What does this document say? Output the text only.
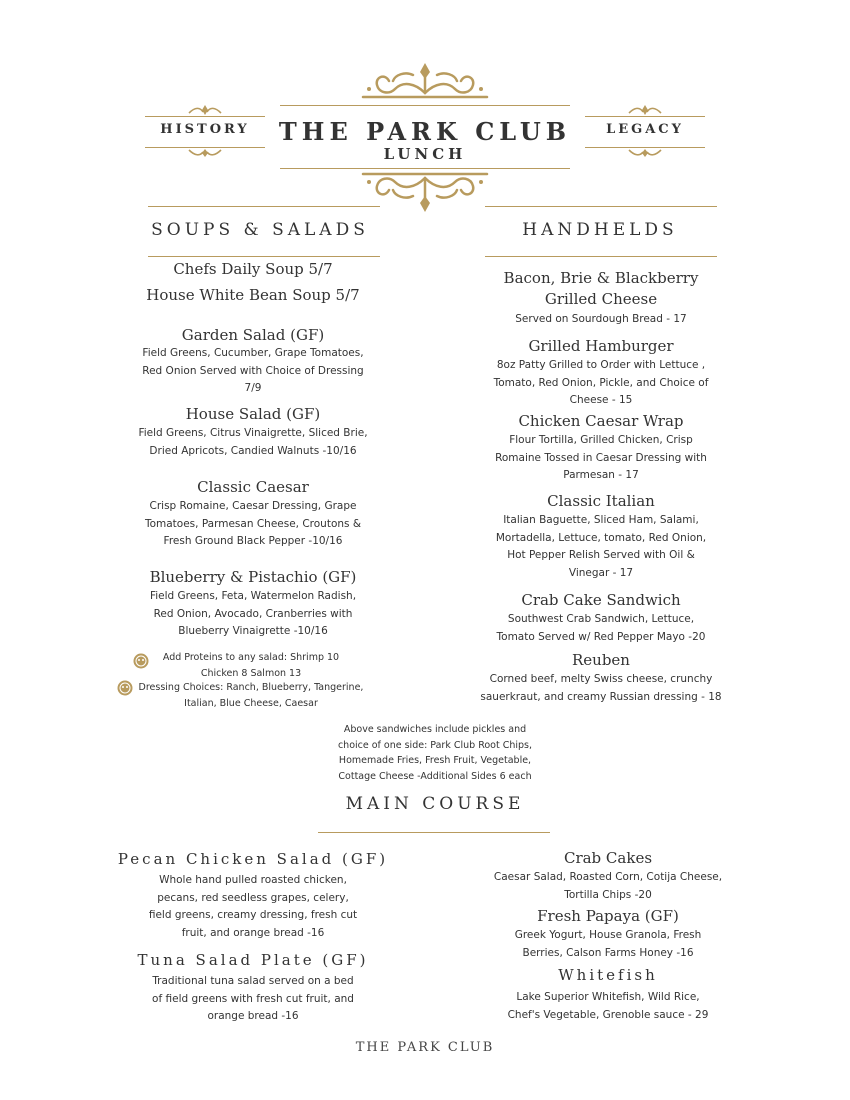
HISTORY	LEGACY
THE PARK CLUB
LUNCH
SOUPS & SALADS
Chefs Daily Soup 5/7
House White Bean Soup 5/7
Garden Salad (GF)
Field Greens, Cucumber, Grape Tomatoes,
Red Onion Served with Choice of Dressing
7/9
House Salad (GF)
Field Greens, Citrus Vinaigrette, Sliced Brie,
Dried Apricots, Candied Walnuts -10/16
Classic Caesar
Crisp Romaine, Caesar Dressing, Grape
Tomatoes, Parmesan Cheese, Croutons &
Fresh Ground Black Pepper -10/16
Blueberry & Pistachio (GF)
Field Greens, Feta, Watermelon Radish,
Red Onion, Avocado, Cranberries with
Blueberry Vinaigrette -10/16
Add Proteins to any salad: Shrimp 10
Chicken 8 Salmon 13
Dressing Choices: Ranch, Blueberry, Tangerine,
Italian, Blue Cheese, Caesar
HANDHELDS
Bacon, Brie & Blackberry
Grilled Cheese
Served on Sourdough Bread - 17
Grilled Hamburger
8oz Patty Grilled to Order with Lettuce ,
Tomato, Red Onion, Pickle, and Choice of
Cheese - 15
Chicken Caesar Wrap
Flour Tortilla, Grilled Chicken, Crisp
Romaine Tossed in Caesar Dressing with
Parmesan - 17
Classic Italian
Italian Baguette, Sliced Ham, Salami,
Mortadella, Lettuce, tomato, Red Onion,
Hot Pepper Relish Served with Oil &
Vinegar - 17
Crab Cake Sandwich
Southwest Crab Sandwich, Lettuce,
Tomato Served w/ Red Pepper Mayo -20
Reuben
Corned beef, melty Swiss cheese, crunchy
sauerkraut, and creamy Russian dressing - 18
Above sandwiches include pickles and
choice of one side: Park Club Root Chips,
Homemade Fries, Fresh Fruit, Vegetable,
Cottage Cheese -Additional Sides 6 each
MAIN COURSE
Pecan Chicken Salad (GF)
Whole hand pulled roasted chicken,
pecans, red seedless grapes, celery,
field greens, creamy dressing, fresh cut
fruit, and orange bread -16
Tuna Salad Plate (GF)
Traditional tuna salad served on a bed
of field greens with fresh cut fruit, and
orange bread -16
Crab Cakes
Caesar Salad, Roasted Corn, Cotija Cheese,
Tortilla Chips -20
Fresh Papaya (GF)
Greek Yogurt, House Granola, Fresh
Berries, Calson Farms Honey -16
Whitefish
Lake Superior Whitefish, Wild Rice,
Chef's Vegetable, Grenoble sauce - 29
THE PARK CLUB
